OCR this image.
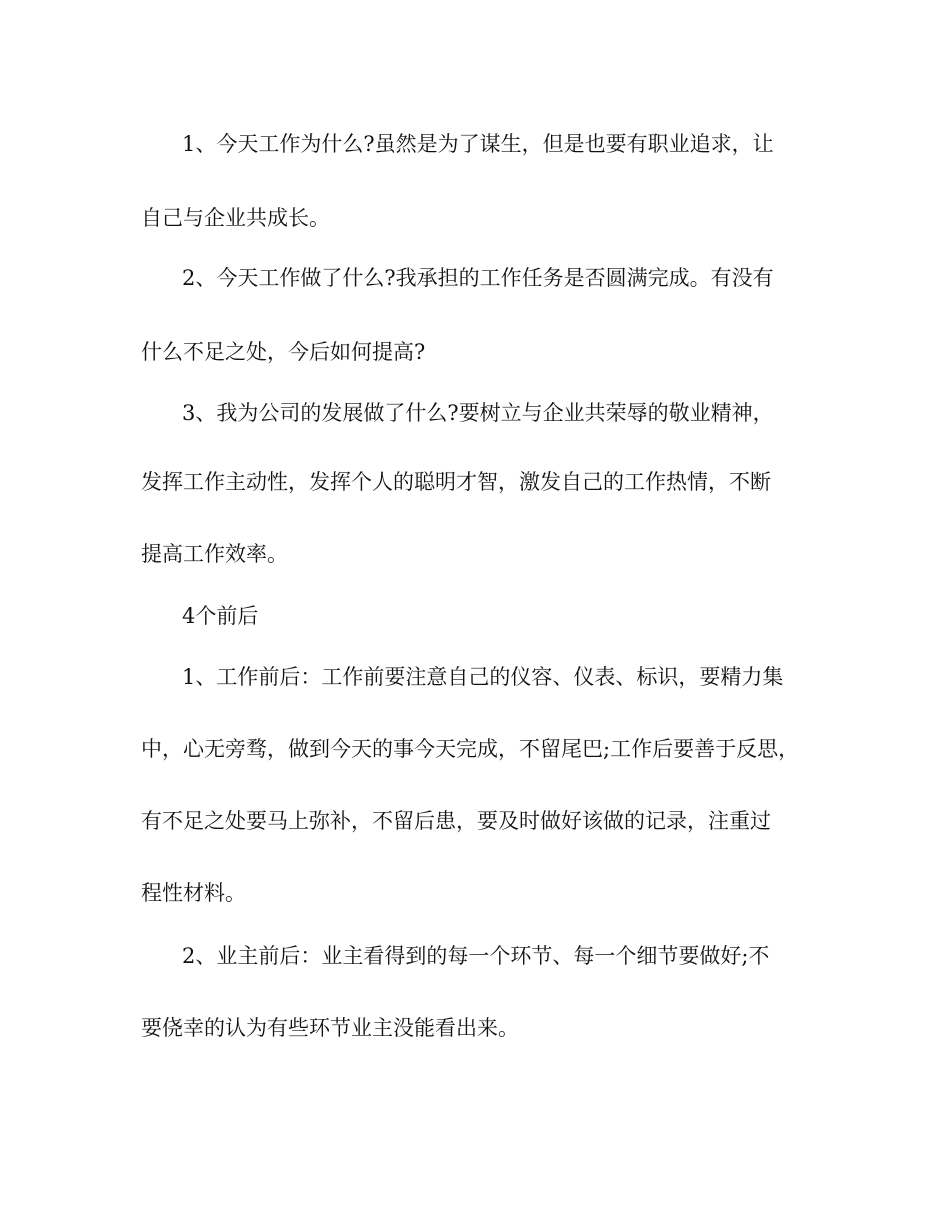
1、今天工作为什么?虽然是为了谋生，但是也要有职业追求，让

自己与企业共成长。

2、今天工作做了什么?我承担的工作任务是否圆满完成。有没有

什么不足之处，今后如何提高?

3、我为公司的发展做了什么?要树立与企业共荣辱的敬业精神，

发挥工作主动性，发挥个人的聪明才智，激发自己的工作热情，不断

提高工作效率。

4个前后

1、工作前后：工作前要注意自己的仪容、仪表、标识，要精力集

中，心无旁骛，做到今天的事今天完成，不留尾巴;工作后要善于反思，

有不足之处要马上弥补，不留后患，要及时做好该做的记录，注重过

程性材料。

2、业主前后：业主看得到的每一个环节、每一个细节要做好;不

要侥幸的认为有些环节业主没能看出来。
